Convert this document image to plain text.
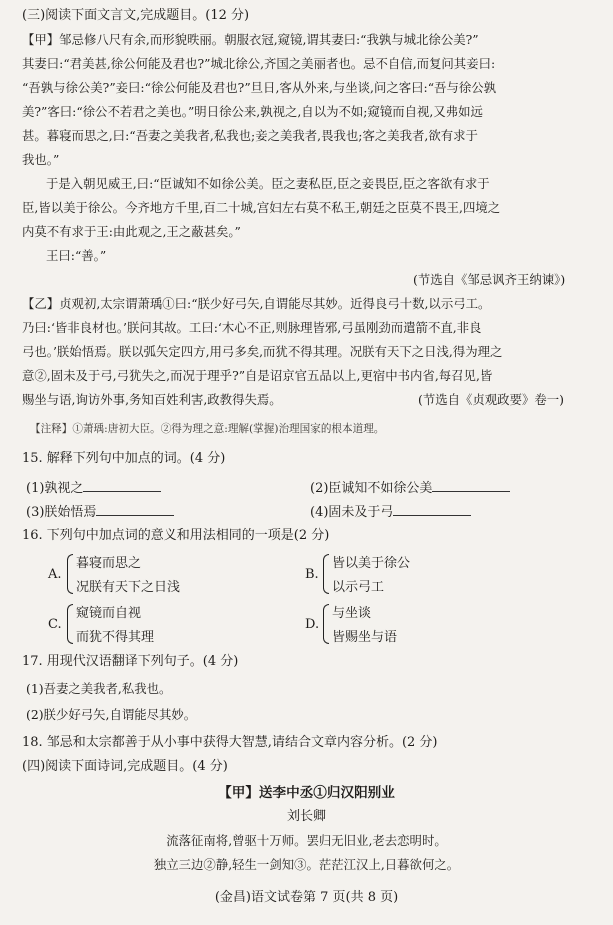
(三)阅读下面文言文,完成题目。(12 分)
【甲】邹忌修八尺有余,而形貌昳丽。朝服衣冠,窥镜,谓其妻曰:“我孰与城北徐公美?”
其妻曰:“君美甚,徐公何能及君也?”城北徐公,齐国之美丽者也。忌不自信,而复问其妾曰:
“吾孰与徐公美?”妾曰:“徐公何能及君也?”旦日,客从外来,与坐谈,问之客曰:“吾与徐公孰
美?”客曰:“徐公不若君之美也。”明日徐公来,孰视之,自以为不如;窥镜而自视,又弗如远
甚。暮寝而思之,曰:“吾妻之美我者,私我也;妾之美我者,畏我也;客之美我者,欲有求于
我也。”
于是入朝见威王,曰:“臣诚知不如徐公美。臣之妻私臣,臣之妾畏臣,臣之客欲有求于
臣,皆以美于徐公。今齐地方千里,百二十城,宫妇左右莫不私王,朝廷之臣莫不畏王,四境之
内莫不有求于王:由此观之,王之蔽甚矣。”
王曰:“善。”
(节选自《邹忌讽齐王纳谏》)
【乙】贞观初,太宗谓萧瑀①曰:“朕少好弓矢,自谓能尽其妙。近得良弓十数,以示弓工。
乃曰:‘皆非良材也。’朕问其故。工曰:‘木心不正,则脉理皆邪,弓虽刚劲而遣箭不直,非良
弓也。’朕始悟焉。朕以弧矢定四方,用弓多矣,而犹不得其理。况朕有天下之日浅,得为理之
意②,固未及于弓,弓犹失之,而况于理乎?”自是诏京官五品以上,更宿中书内省,每召见,皆
赐坐与语,询访外事,务知百姓利害,政教得失焉。	(节选自《贞观政要》卷一)
【注释】①萧瑀:唐初大臣。②得为理之意:理解(掌握)治理国家的根本道理。
15. 解释下列句中加点的词。(4 分)
(1)孰视之	(2)臣诚知不如徐公美
(3)朕始悟焉	(4)固未及于弓
16. 下列句中加点词的意义和用法相同的一项是(2 分)
A.
暮寝而思之
况朕有天下之日浅
B.
皆以美于徐公
以示弓工
C.
窥镜而自视
而犹不得其理
D.
与坐谈
皆赐坐与语
17. 用现代汉语翻译下列句子。(4 分)
(1)吾妻之美我者,私我也。
(2)朕少好弓矢,自谓能尽其妙。
18. 邹忌和太宗都善于从小事中获得大智慧,请结合文章内容分析。(2 分)
(四)阅读下面诗词,完成题目。(4 分)
【甲】送李中丞①归汉阳别业
刘长卿
流落征南将,曾驱十万师。罢归无旧业,老去恋明时。
独立三边②静,轻生一剑知③。茫茫江汉上,日暮欲何之。
(金昌)语文试卷第 7 页(共 8 页)
